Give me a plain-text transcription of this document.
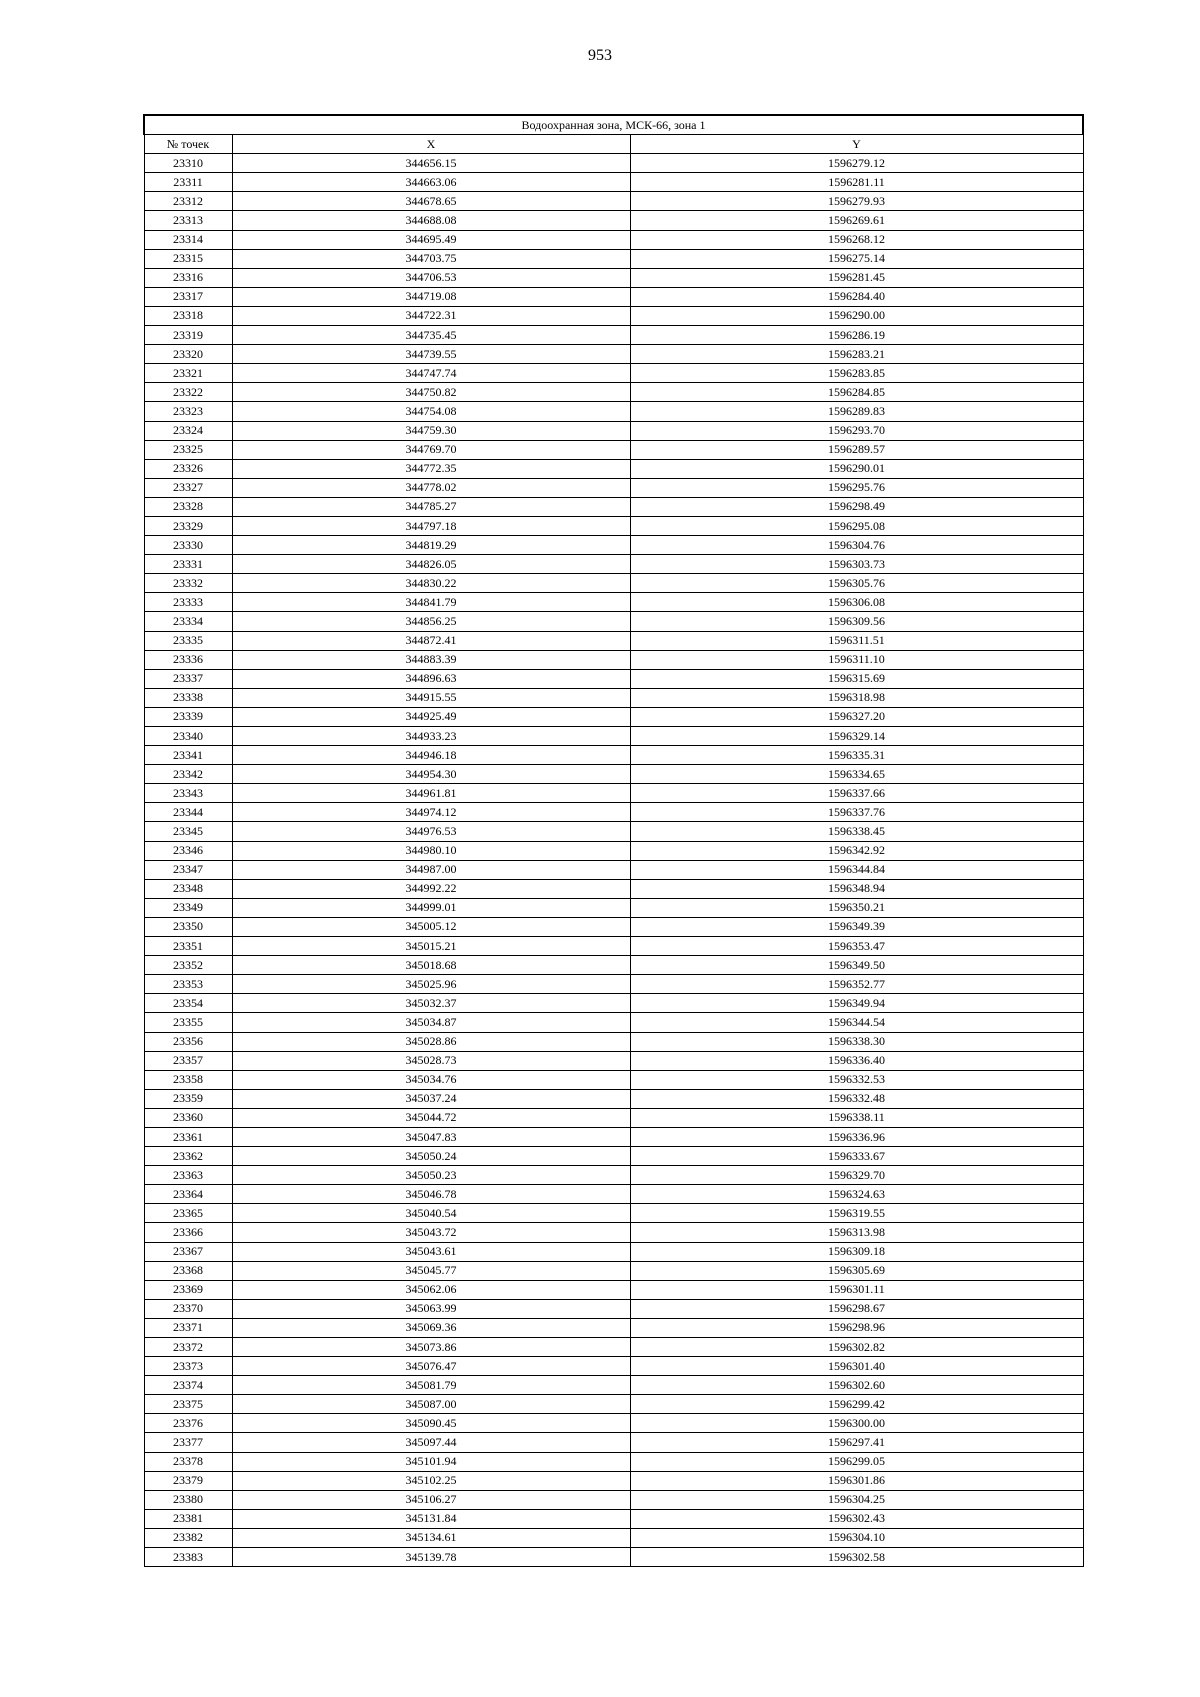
953
Водоохранная зона, МСК-66, зона 1		
№ точек	X	Y
23310	344656.15	1596279.12
23311	344663.06	1596281.11
23312	344678.65	1596279.93
23313	344688.08	1596269.61
23314	344695.49	1596268.12
23315	344703.75	1596275.14
23316	344706.53	1596281.45
23317	344719.08	1596284.40
23318	344722.31	1596290.00
23319	344735.45	1596286.19
23320	344739.55	1596283.21
23321	344747.74	1596283.85
23322	344750.82	1596284.85
23323	344754.08	1596289.83
23324	344759.30	1596293.70
23325	344769.70	1596289.57
23326	344772.35	1596290.01
23327	344778.02	1596295.76
23328	344785.27	1596298.49
23329	344797.18	1596295.08
23330	344819.29	1596304.76
23331	344826.05	1596303.73
23332	344830.22	1596305.76
23333	344841.79	1596306.08
23334	344856.25	1596309.56
23335	344872.41	1596311.51
23336	344883.39	1596311.10
23337	344896.63	1596315.69
23338	344915.55	1596318.98
23339	344925.49	1596327.20
23340	344933.23	1596329.14
23341	344946.18	1596335.31
23342	344954.30	1596334.65
23343	344961.81	1596337.66
23344	344974.12	1596337.76
23345	344976.53	1596338.45
23346	344980.10	1596342.92
23347	344987.00	1596344.84
23348	344992.22	1596348.94
23349	344999.01	1596350.21
23350	345005.12	1596349.39
23351	345015.21	1596353.47
23352	345018.68	1596349.50
23353	345025.96	1596352.77
23354	345032.37	1596349.94
23355	345034.87	1596344.54
23356	345028.86	1596338.30
23357	345028.73	1596336.40
23358	345034.76	1596332.53
23359	345037.24	1596332.48
23360	345044.72	1596338.11
23361	345047.83	1596336.96
23362	345050.24	1596333.67
23363	345050.23	1596329.70
23364	345046.78	1596324.63
23365	345040.54	1596319.55
23366	345043.72	1596313.98
23367	345043.61	1596309.18
23368	345045.77	1596305.69
23369	345062.06	1596301.11
23370	345063.99	1596298.67
23371	345069.36	1596298.96
23372	345073.86	1596302.82
23373	345076.47	1596301.40
23374	345081.79	1596302.60
23375	345087.00	1596299.42
23376	345090.45	1596300.00
23377	345097.44	1596297.41
23378	345101.94	1596299.05
23379	345102.25	1596301.86
23380	345106.27	1596304.25
23381	345131.84	1596302.43
23382	345134.61	1596304.10
23383	345139.78	1596302.58
